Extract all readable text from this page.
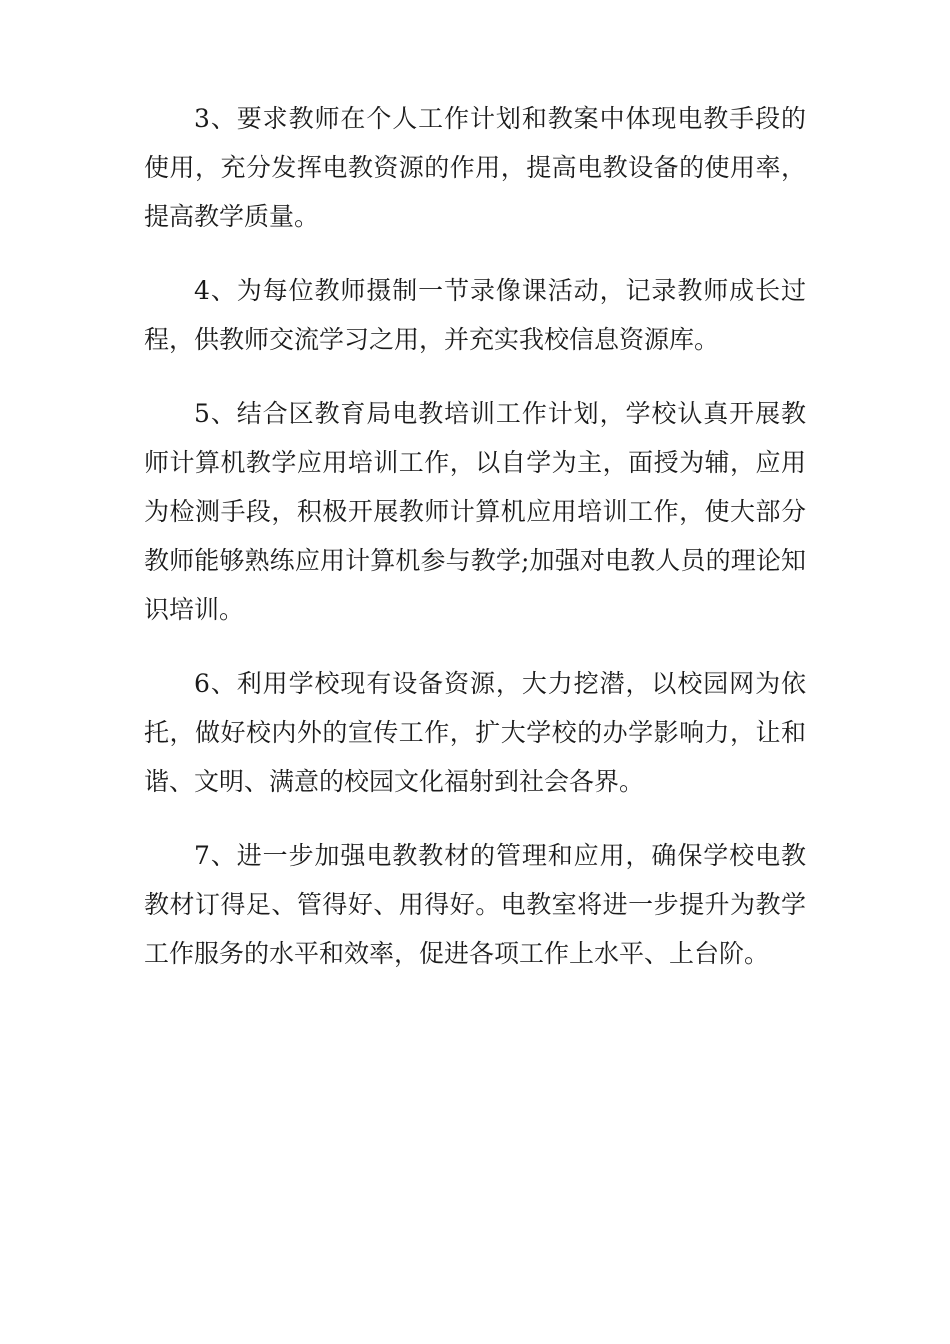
3、要求教师在个人工作计划和教案中体现电教手段的使用，充分发挥电教资源的作用，提高电教设备的使用率，提高教学质量。

4、为每位教师摄制一节录像课活动，记录教师成长过程，供教师交流学习之用，并充实我校信息资源库。

5、结合区教育局电教培训工作计划，学校认真开展教师计算机教学应用培训工作，以自学为主，面授为辅，应用为检测手段，积极开展教师计算机应用培训工作，使大部分教师能够熟练应用计算机参与教学;加强对电教人员的理论知识培训。

6、利用学校现有设备资源，大力挖潜，以校园网为依托，做好校内外的宣传工作，扩大学校的办学影响力，让和谐、文明、满意的校园文化福射到社会各界。

7、进一步加强电教教材的管理和应用，确保学校电教教材订得足、管得好、用得好。电教室将进一步提升为教学工作服务的水平和效率，促进各项工作上水平、上台阶。
